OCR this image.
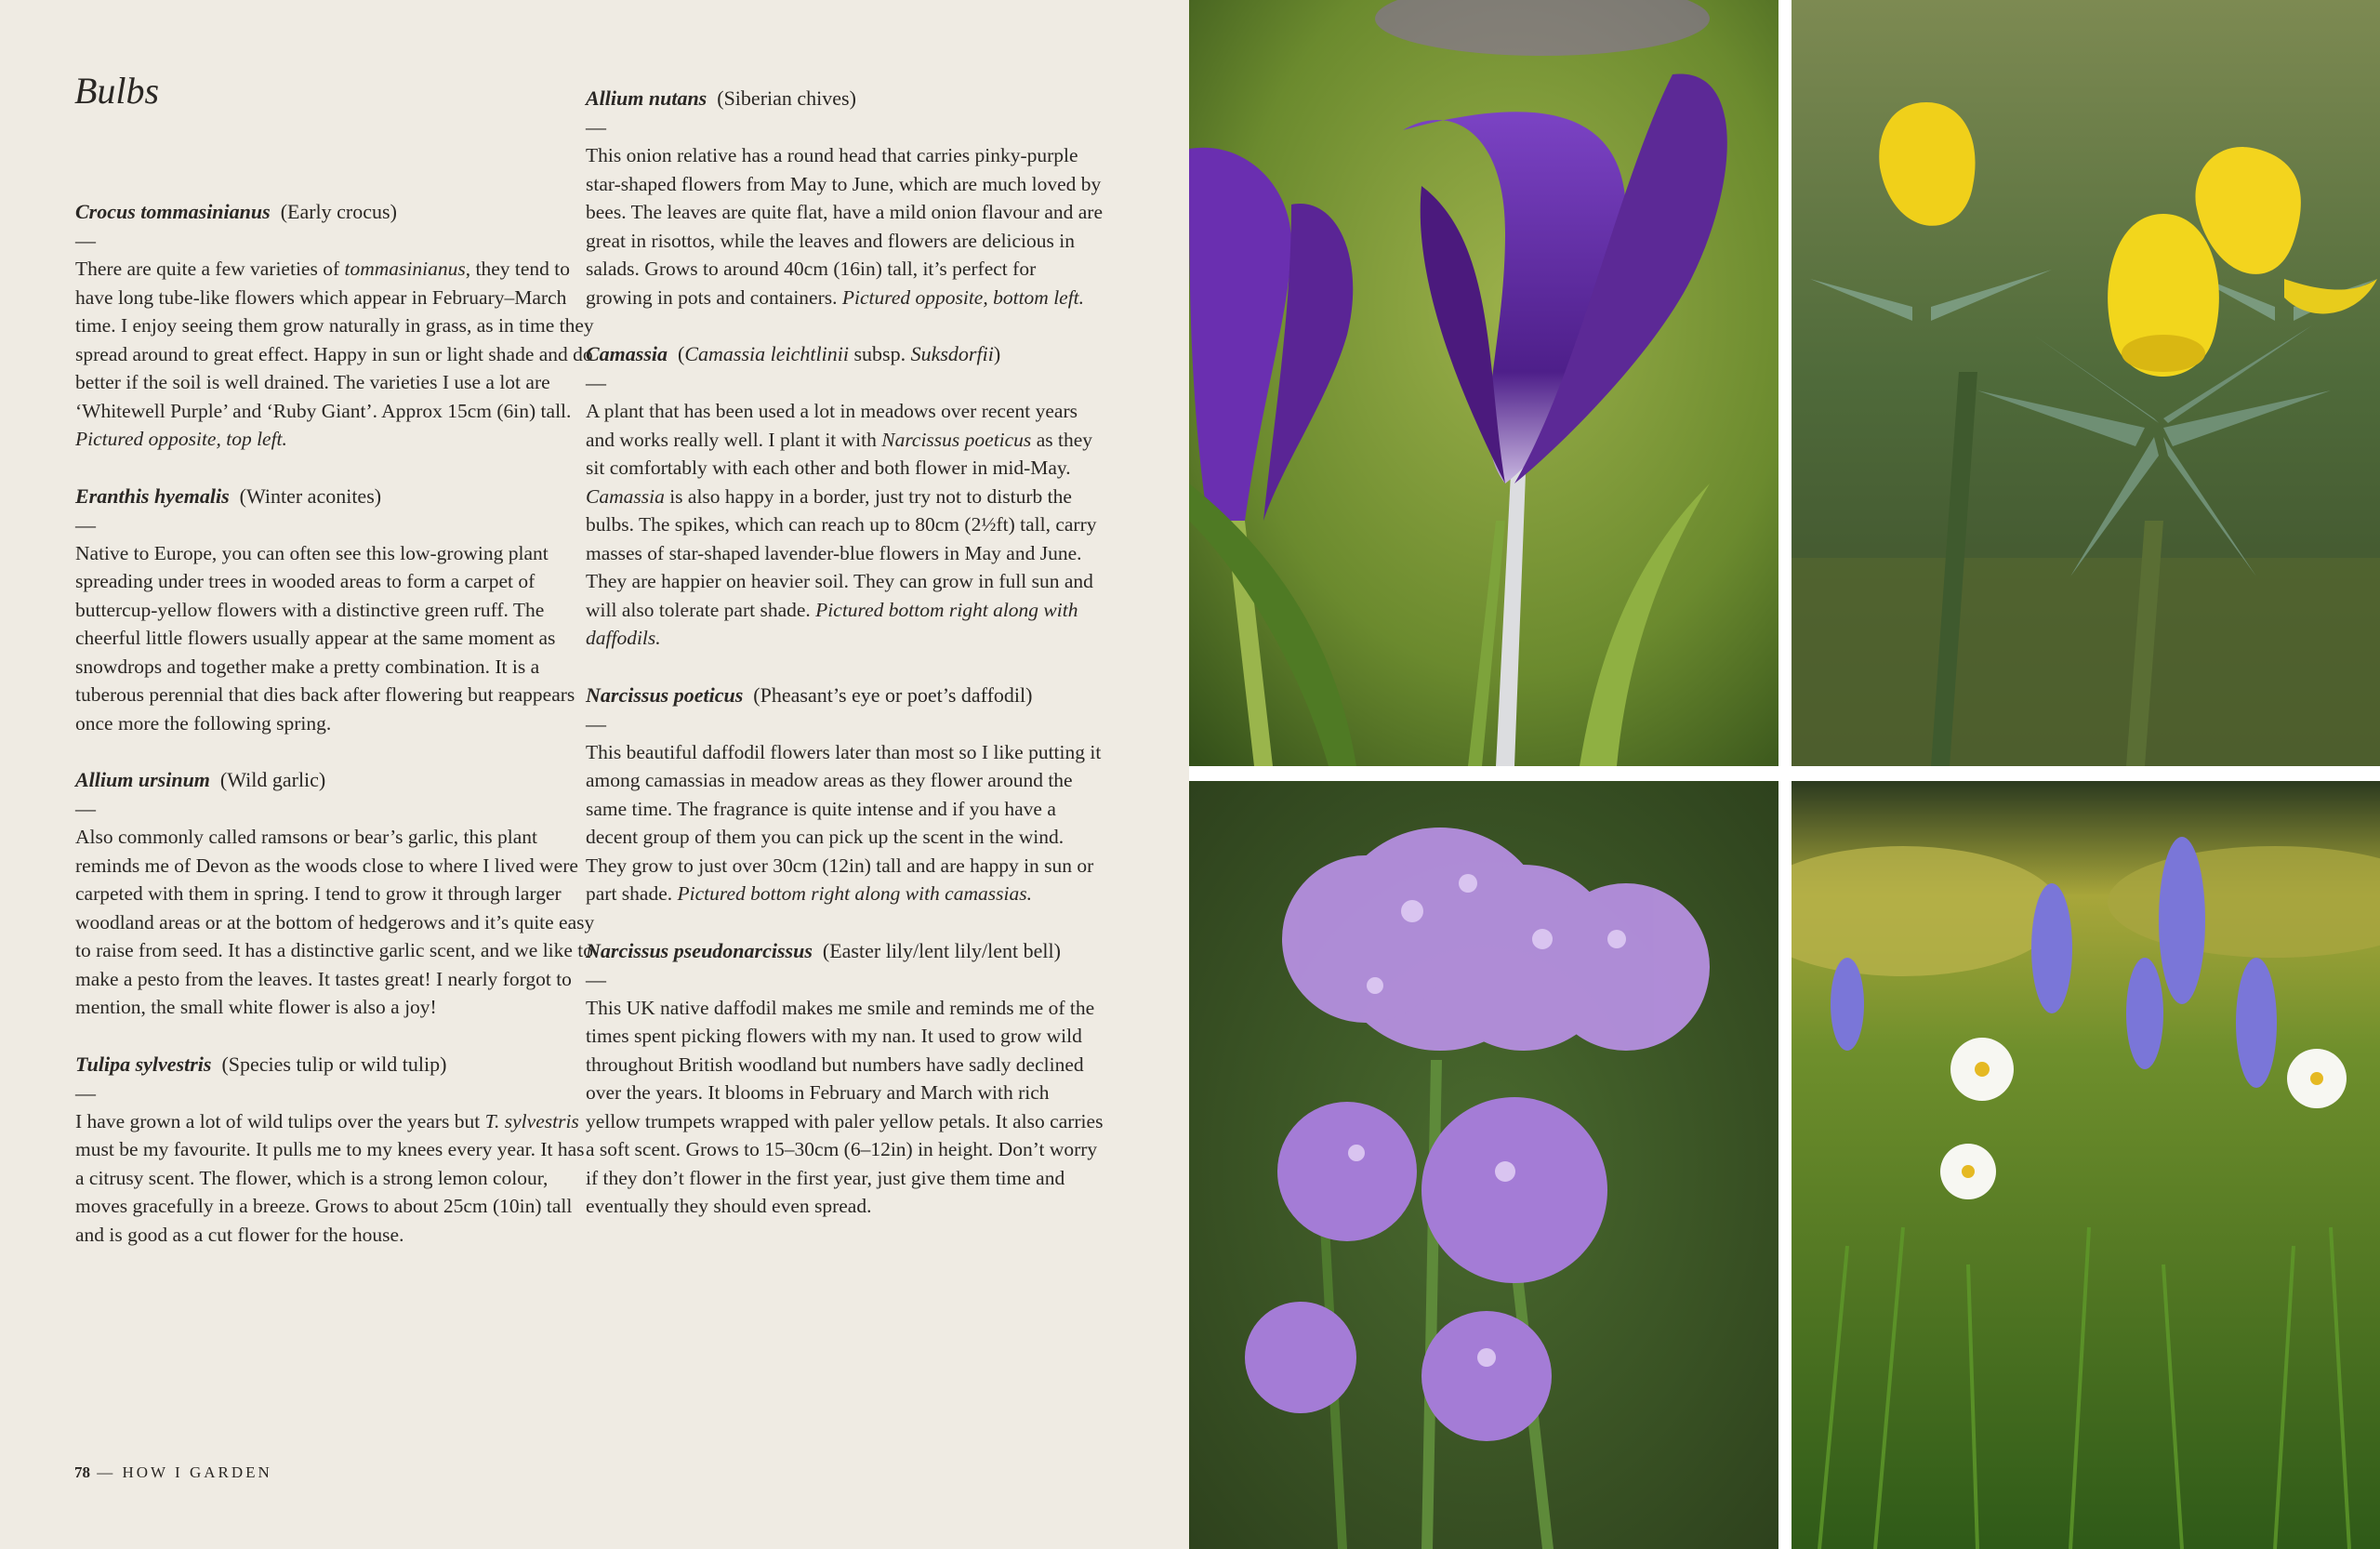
Bulbs
Crocus tommasinianus  (Early crocus)
—

There are quite a few varieties of tommasinianus, they tend to have long tube-like flowers which appear in February–March time. I enjoy seeing them grow naturally in grass, as in time they spread around to great effect. Happy in sun or light shade and do better if the soil is well drained. The varieties I use a lot are ‘Whitewell Purple’ and ‘Ruby Giant’. Approx 15cm (6in) tall. Pictured opposite, top left.

Eranthis hyemalis  (Winter aconites)
—

Native to Europe, you can often see this low-growing plant spreading under trees in wooded areas to form a carpet of buttercup-yellow flowers with a distinctive green ruff. The cheerful little flowers usually appear at the same moment as snowdrops and together make a pretty combination. It is a tuberous perennial that dies back after flowering but reappears once more the following spring.

Allium ursinum  (Wild garlic)
—

Also commonly called ramsons or bear’s garlic, this plant reminds me of Devon as the woods close to where I lived were carpeted with them in spring. I tend to grow it through larger woodland areas or at the bottom of hedgerows and it’s quite easy to raise from seed. It has a distinctive garlic scent, and we like to make a pesto from the leaves. It tastes great! I nearly forgot to mention, the small white flower is also a joy!

Tulipa sylvestris  (Species tulip or wild tulip)
—

I have grown a lot of wild tulips over the years but T. sylvestris must be my favourite. It pulls me to my knees every year. It has a citrusy scent. The flower, which is a strong lemon colour, moves gracefully in a breeze. Grows to about 25cm (10in) tall and is good as a cut flower for the house.

Allium nutans  (Siberian chives)
—

This onion relative has a round head that carries pinky-purple star-shaped flowers from May to June, which are much loved by bees. The leaves are quite flat, have a mild onion flavour and are great in risottos, while the leaves and flowers are delicious in salads. Grows to around 40cm (16in) tall, it’s perfect for growing in pots and containers. Pictured opposite, bottom left.

Camassia  (Camassia leichtlinii subsp. Suksdorfii)
—

A plant that has been used a lot in meadows over recent years and works really well. I plant it with Narcissus poeticus as they sit comfortably with each other and both flower in mid-May. Camassia is also happy in a border, just try not to disturb the bulbs. The spikes, which can reach up to 80cm (2½ft) tall, carry masses of star-shaped lavender-blue flowers in May and June. They are happier on heavier soil. They can grow in full sun and will also tolerate part shade. Pictured bottom right along with daffodils.

Narcissus poeticus  (Pheasant’s eye or poet’s daffodil)
—

This beautiful daffodil flowers later than most so I like putting it among camassias in meadow areas as they flower around the same time. The fragrance is quite intense and if you have a decent group of them you can pick up the scent in the wind. They grow to just over 30cm (12in) tall and are happy in sun or part shade. Pictured bottom right along with camassias.

Narcissus pseudonarcissus  (Easter lily/lent lily/lent bell)
—

This UK native daffodil makes me smile and reminds me of the times spent picking flowers with my nan. It used to grow wild throughout British woodland but numbers have sadly declined over the years. It blooms in February and March with rich yellow trumpets wrapped with paler yellow petals. It also carries a soft scent. Grows to 15–30cm (6–12in) in height. Don’t worry if they don’t flower in the first year, just give them time and eventually they should even spread.

78 — HOW I GARDEN
